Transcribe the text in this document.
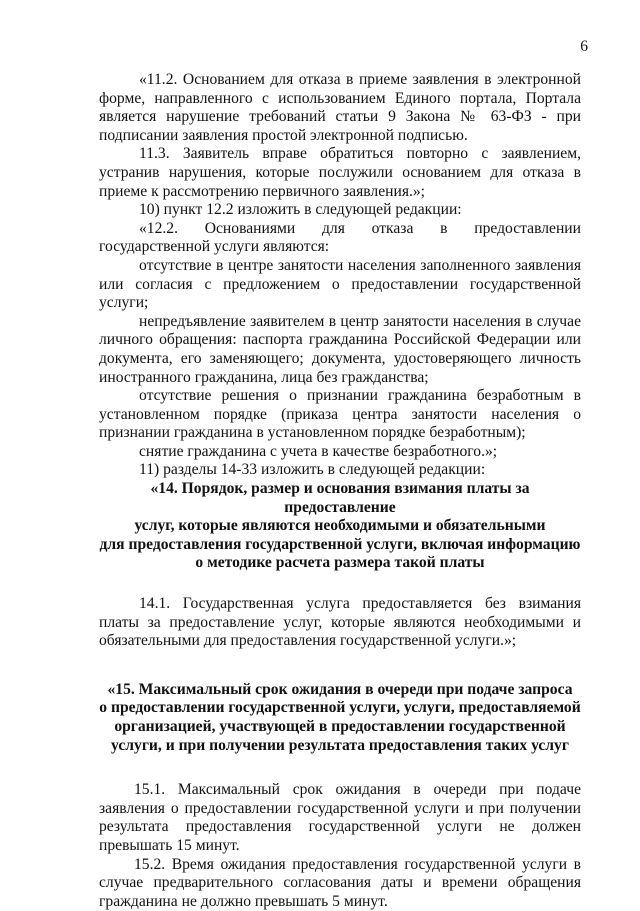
6

«11.2. Основанием для отказа в приеме заявления в электронной форме, направленного с использованием Единого портала, Портала является нарушение требований статьи 9 Закона № 63-ФЗ - при подписании заявления простой электронной подписью.

11.3. Заявитель вправе обратиться повторно с заявлением, устранив нарушения, которые послужили основанием для отказа в приеме к рассмотрению первичного заявления.»;

10) пункт 12.2 изложить в следующей редакции:

«12.2. Основаниями для отказа в предоставлении государственной услуги являются:

отсутствие в центре занятости населения заполненного заявления или согласия с предложением о предоставлении государственной услуги;

непредъявление заявителем в центр занятости населения в случае личного обращения: паспорта гражданина Российской Федерации или документа, его заменяющего; документа, удостоверяющего личность иностранного гражданина, лица без гражданства;

отсутствие решения о признании гражданина безработным в установленном порядке (приказа центра занятости населения о признании гражданина в установленном порядке безработным);

снятие гражданина с учета в качестве безработного.»;

11) разделы 14-33 изложить в следующей редакции:

«14. Порядок, размер и основания взимания платы за предоставление

услуг, которые являются необходимыми и обязательными

для предоставления государственной услуги, включая информацию

о методике расчета размера такой платы

14.1. Государственная услуга предоставляется без взимания платы за предоставление услуг, которые являются необходимыми и обязательными для предоставления государственной услуги.»;

«15. Максимальный срок ожидания в очереди при подаче запроса

о предоставлении государственной услуги, услуги, предоставляемой

организацией, участвующей в предоставлении государственной

услуги, и при получении результата предоставления таких услуг

15.1. Максимальный срок ожидания в очереди при подаче заявления о предоставлении государственной услуги и при получении результата предоставления государственной услуги не должен превышать 15 минут.

15.2. Время ожидания предоставления государственной услуги в случае предварительного согласования даты и времени обращения гражданина не должно превышать 5 минут.
